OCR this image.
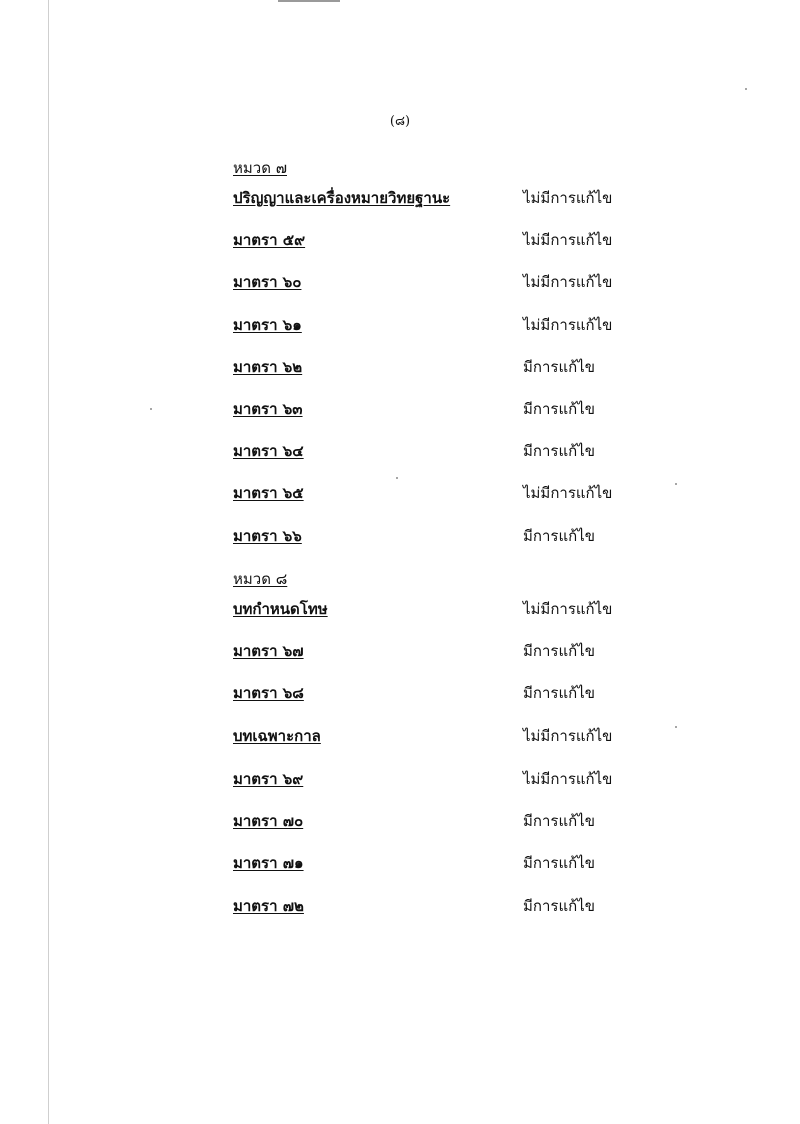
(๘)
หมวด ๗
ปริญญาและเครื่องหมายวิทยฐานะ	ไม่มีการแก้ไข
มาตรา ๕๙	ไม่มีการแก้ไข
มาตรา ๖๐	ไม่มีการแก้ไข
มาตรา ๖๑	ไม่มีการแก้ไข
มาตรา ๖๒	มีการแก้ไข
มาตรา ๖๓	มีการแก้ไข
มาตรา ๖๔	มีการแก้ไข
มาตรา ๖๕	ไม่มีการแก้ไข
มาตรา ๖๖	มีการแก้ไข
หมวด ๘
บทกำหนดโทษ	ไม่มีการแก้ไข
มาตรา ๖๗	มีการแก้ไข
มาตรา ๖๘	มีการแก้ไข
บทเฉพาะกาล	ไม่มีการแก้ไข
มาตรา ๖๙	ไม่มีการแก้ไข
มาตรา ๗๐	มีการแก้ไข
มาตรา ๗๑	มีการแก้ไข
มาตรา ๗๒	มีการแก้ไข
